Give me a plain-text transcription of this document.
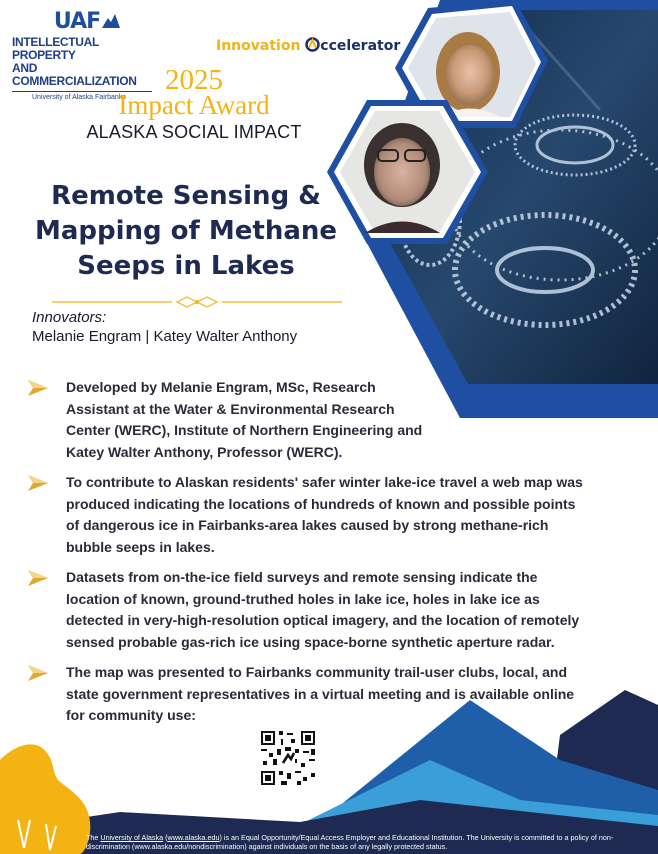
UAF
INTELLECTUAL PROPERTY
AND COMMERCIALIZATION
University of Alaska Fairbanks
Innovation ccelerator
2025
Impact Award
ALASKA SOCIAL IMPACT
Remote Sensing & Mapping of Methane Seeps in Lakes
Innovators:
Melanie Engram | Katey Walter Anthony
Developed by Melanie Engram, MSc, Research Assistant at the Water & Environmental Research Center (WERC), Institute of Northern Engineering and Katey Walter Anthony, Professor (WERC).
To contribute to Alaskan residents' safer winter lake-ice travel a web map was produced indicating the locations of hundreds of known and possible points of dangerous ice in Fairbanks-area lakes caused by strong methane-rich bubble seeps in lakes.
Datasets from on-the-ice field surveys and remote sensing indicate the location of known, ground-truthed holes in lake ice, holes in lake ice as detected in very-high-resolution optical imagery, and the location of remotely sensed probable gas-rich ice using space-borne synthetic aperture radar.
The map was presented to Fairbanks community trail-user clubs, local, and state government representatives in a virtual meeting and is available online for community use:
The University of Alaska (www.alaska.edu) is an Equal Opportunity/Equal Access Employer and Educational Institution. The University is committed to a policy of non-discrimination (www.alaska.edu/nondiscrimination) against individuals on the basis of any legally protected status.
